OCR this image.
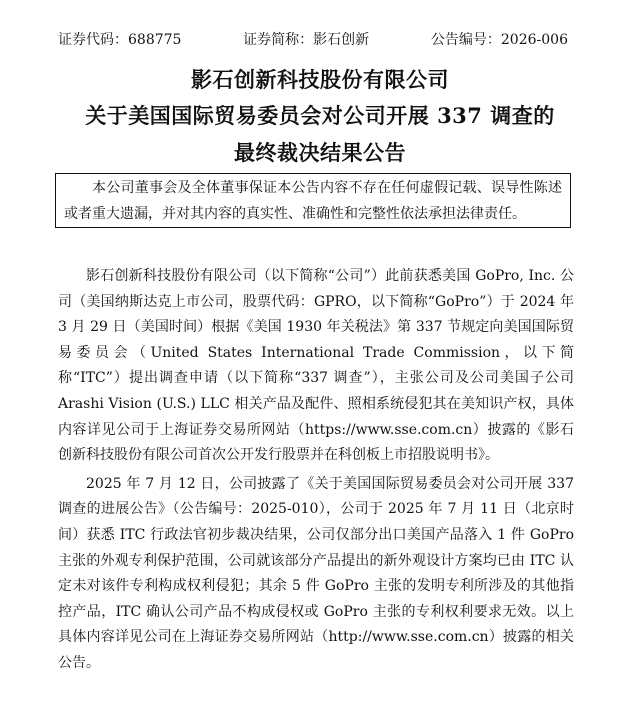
证券代码：688775	证券简称：影石创新	公告编号：2026-006
影石创新科技股份有限公司
关于美国国际贸易委员会对公司开展 337 调查的
最终裁决结果公告

本公司董事会及全体董事保证本公告内容不存在任何虚假记载、误导性陈述或者重大遗漏，并对其内容的真实性、准确性和完整性依法承担法律责任。

影石创新科技股份有限公司（以下简称“公司”）此前获悉美国 GoPro, Inc. 公司（美国纳斯达克上市公司，股票代码：GPRO，以下简称“GoPro”）于 2024 年 3 月 29 日（美国时间）根据《美国 1930 年关税法》第 337 节规定向美国国际贸易委员会（United States International Trade Commission，以下简称“ITC”）提出调查申请（以下简称“337 调查”），主张公司及公司美国子公司 Arashi Vision (U.S.) LLC 相关产品及配件、照相系统侵犯其在美知识产权，具体内容详见公司于上海证券交易所网站（https://www.sse.com.cn）披露的《影石创新科技股份有限公司首次公开发行股票并在科创板上市招股说明书》。

2025 年 7 月 12 日，公司披露了《关于美国国际贸易委员会对公司开展 337 调查的进展公告》（公告编号：2025-010），公司于 2025 年 7 月 11 日（北京时间）获悉 ITC 行政法官初步裁决结果，公司仅部分出口美国产品落入 1 件 GoPro 主张的外观专利保护范围，公司就该部分产品提出的新外观设计方案均已由 ITC 认定未对该件专利构成权利侵犯；其余 5 件 GoPro 主张的发明专利所涉及的其他指控产品，ITC 确认公司产品不构成侵权或 GoPro 主张的专利权利要求无效。以上具体内容详见公司在上海证券交易所网站（http://www.sse.com.cn）披露的相关公告。
